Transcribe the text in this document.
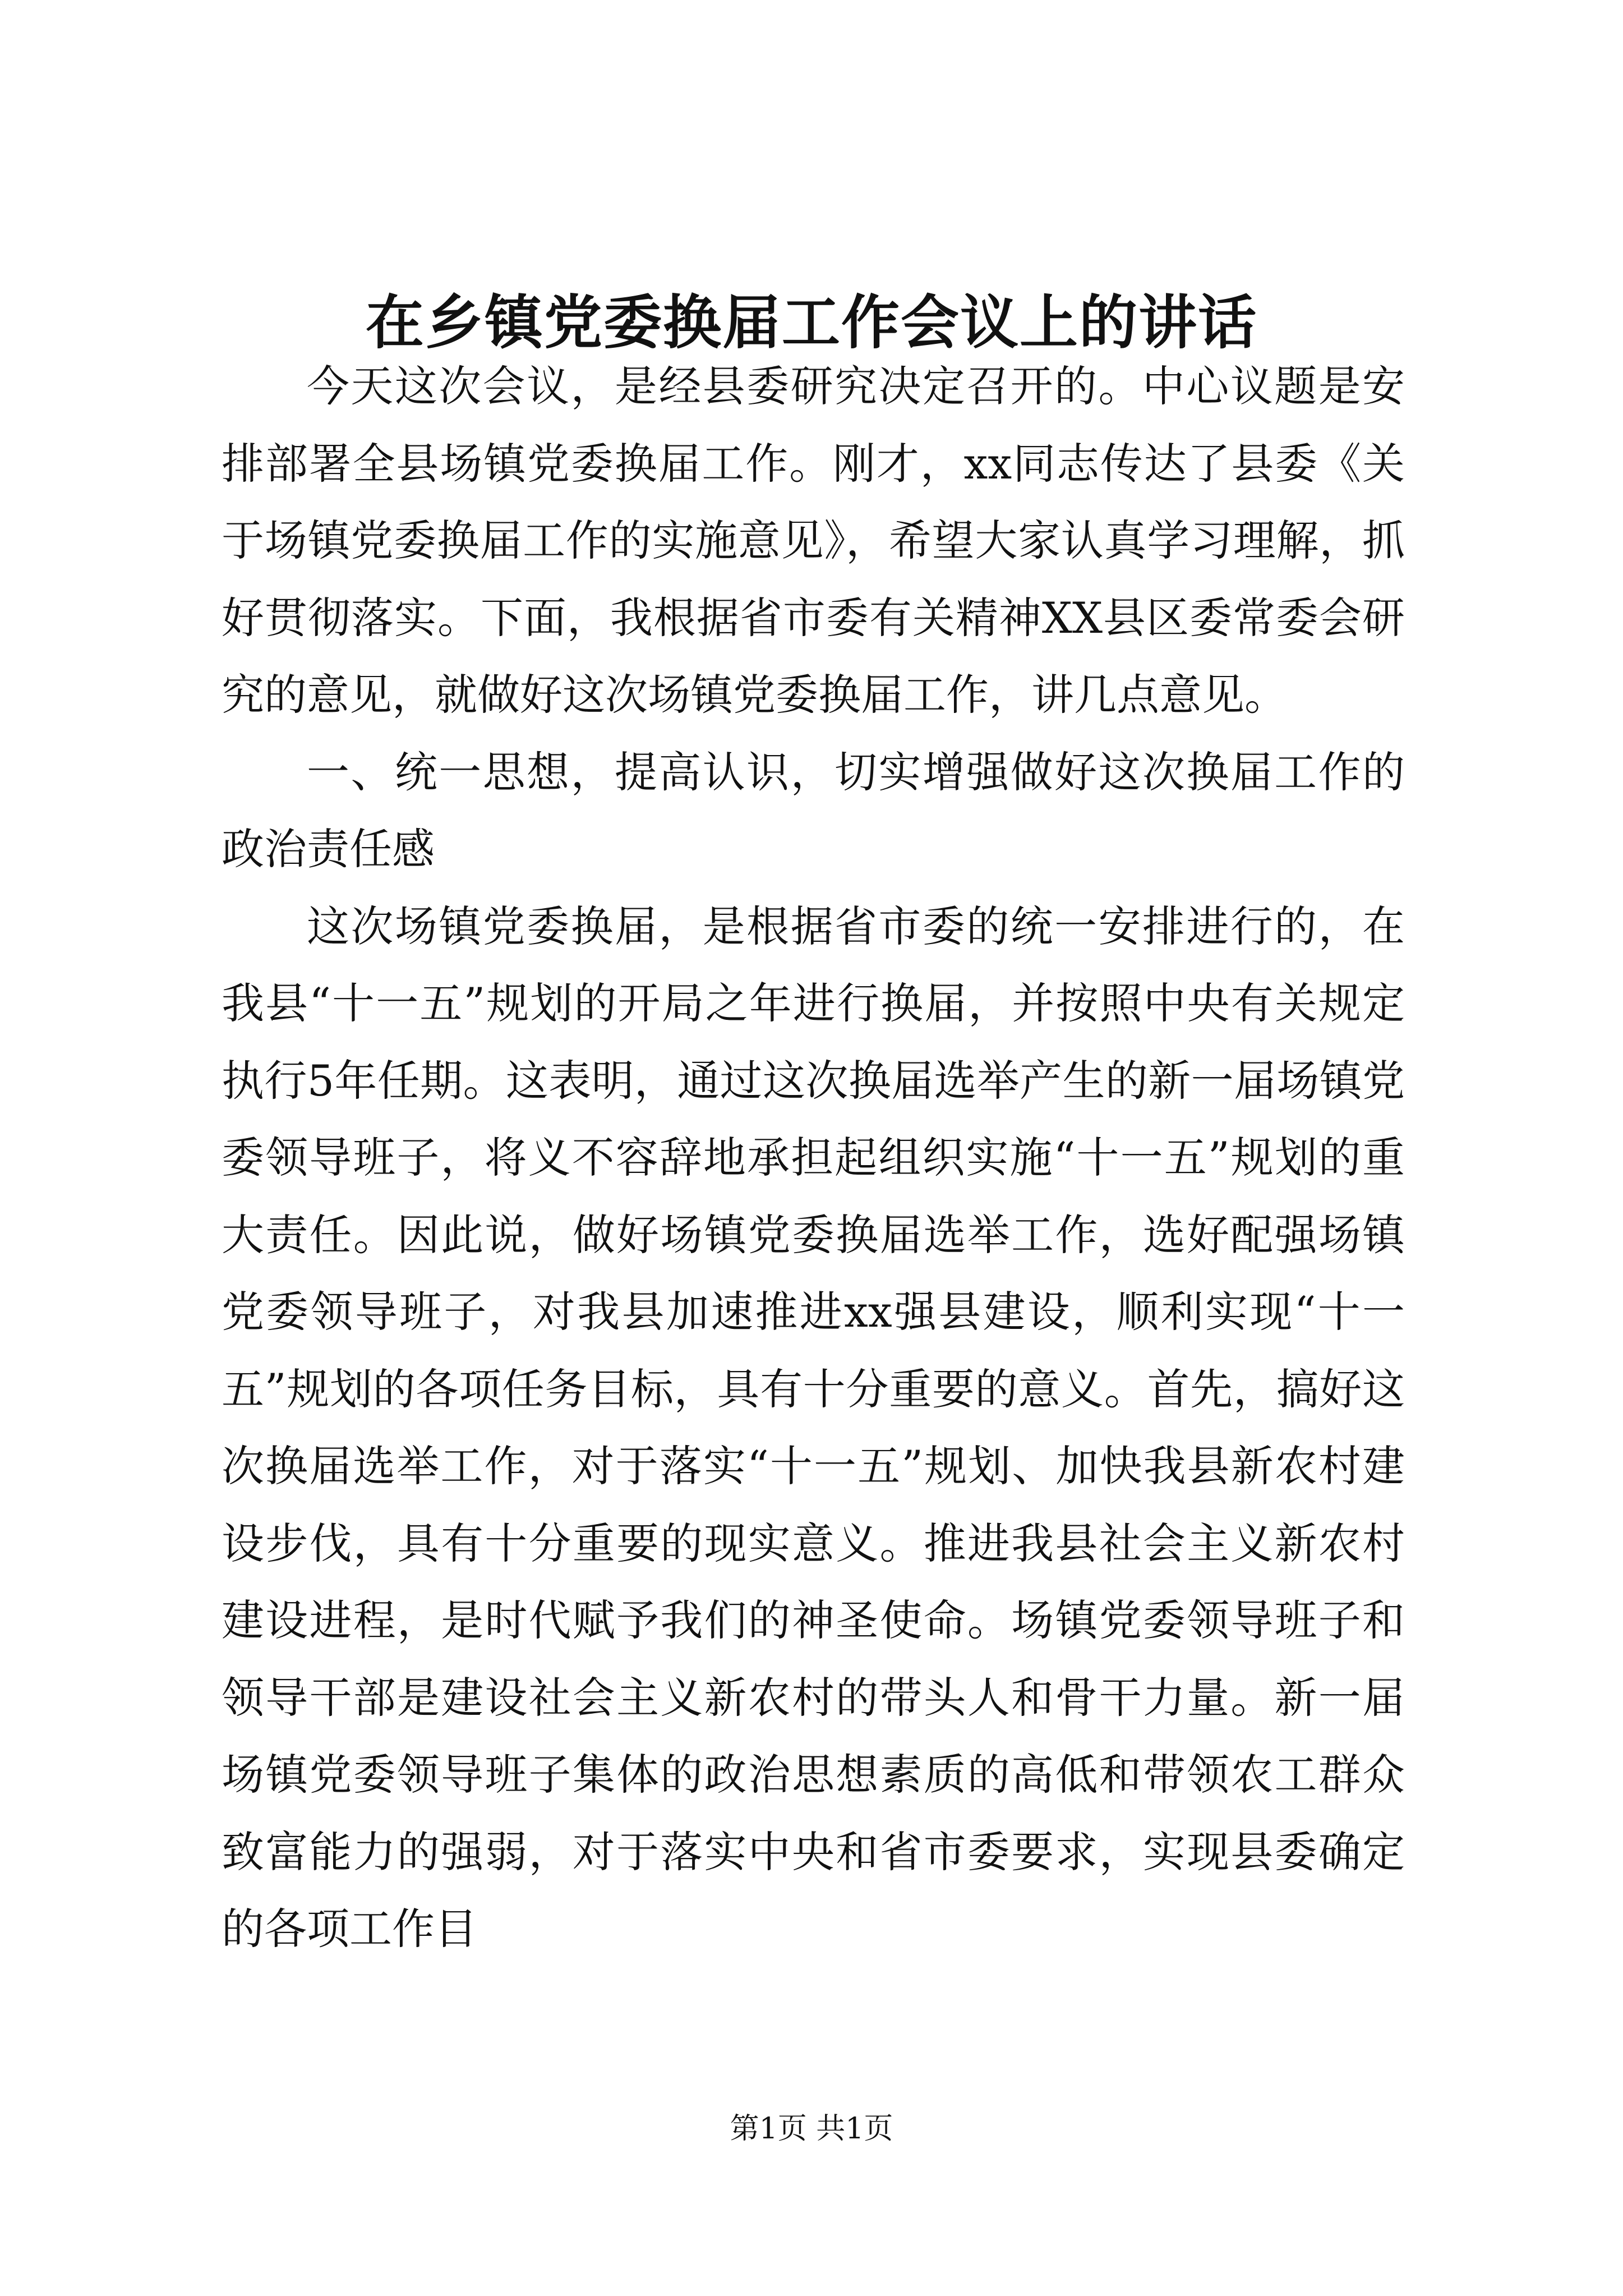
在乡镇党委换届工作会议上的讲话

今天这次会议，是经县委研究决定召开的。中心议题是安排部署全县场镇党委换届工作。刚才，xx同志传达了县委《关于场镇党委换届工作的实施意见》，希望大家认真学习理解，抓好贯彻落实。下面，我根据省市委有关精神XX县区委常委会研究的意见，就做好这次场镇党委换届工作，讲几点意见。

一、统一思想，提高认识，切实增强做好这次换届工作的政治责任感

这次场镇党委换届，是根据省市委的统一安排进行的，在我县“十一五”规划的开局之年进行换届，并按照中央有关规定执行5年任期。这表明，通过这次换届选举产生的新一届场镇党委领导班子，将义不容辞地承担起组织实施“十一五”规划的重大责任。因此说，做好场镇党委换届选举工作，选好配强场镇党委领导班子，对我县加速推进xx强县建设，顺利实现“十一五”规划的各项任务目标，具有十分重要的意义。首先，搞好这次换届选举工作，对于落实“十一五”规划、加快我县新农村建设步伐，具有十分重要的现实意义。推进我县社会主义新农村建设进程，是时代赋予我们的神圣使命。场镇党委领导班子和领导干部是建设社会主义新农村的带头人和骨干力量。新一届场镇党委领导班子集体的政治思想素质的高低和带领农工群众致富能力的强弱，对于落实中央和省市委要求，实现县委确定的各项工作目

第1页 共1页
